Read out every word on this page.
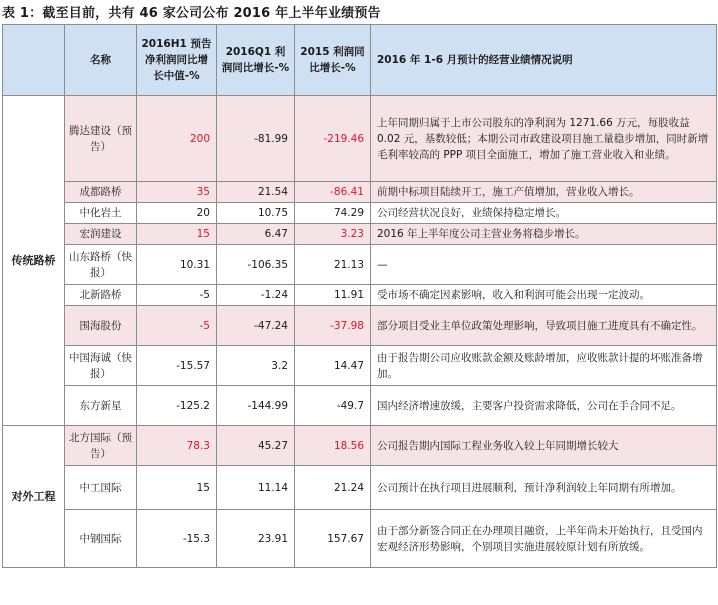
表 1：截至目前，共有 46 家公司公布 2016 年上半年业绩预告
	名称	2016H1 预告净利润同比增长中值-%	2016Q1 利润同比增长-%	2015 利润同比增长-%	2016 年 1-6 月预计的经营业绩情况说明
传统路桥	腾达建设（预告）	200	-81.99	-219.46	上年同期归属于上市公司股东的净利润为 1271.66 万元，每股收益 0.02 元，基数较低；本期公司市政建设项目施工量稳步增加，同时新增毛利率较高的 PPP 项目全面施工，增加了施工营业收入和业绩。
	成都路桥	35	21.54	-86.41	前期中标项目陆续开工，施工产值增加，营业收入增长。
	中化岩土	20	10.75	74.29	公司经营状况良好，业绩保持稳定增长。
	宏润建设	15	6.47	3.23	2016 年上半年度公司主营业务将稳步增长。
	山东路桥（快报）	10.31	-106.35	21.13	—
	北新路桥	-5	-1.24	11.91	受市场不确定因素影响，收入和利润可能会出现一定波动。
	围海股份	-5	-47.24	-37.98	部分项目受业主单位政策处理影响，导致项目施工进度具有不确定性。
	中国海诚（快报）	-15.57	3.2	14.47	由于报告期公司应收账款金额及账龄增加，应收账款计提的坏账准备增加。
	东方新星	-125.2	-144.99	-49.7	国内经济增速放缓，主要客户投资需求降低，公司在手合同不足。
对外工程	北方国际（预告）	78.3	45.27	18.56	公司报告期内国际工程业务收入较上年同期增长较大
	中工国际	15	11.14	21.24	公司预计在执行项目进展顺利，预计净利润较上年同期有所增加。
	中钢国际	-15.3	23.91	157.67	由于部分新签合同正在办理项目融资，上半年尚未开始执行，且受国内宏观经济形势影响，个别项目实施进展较原计划有所放缓。
